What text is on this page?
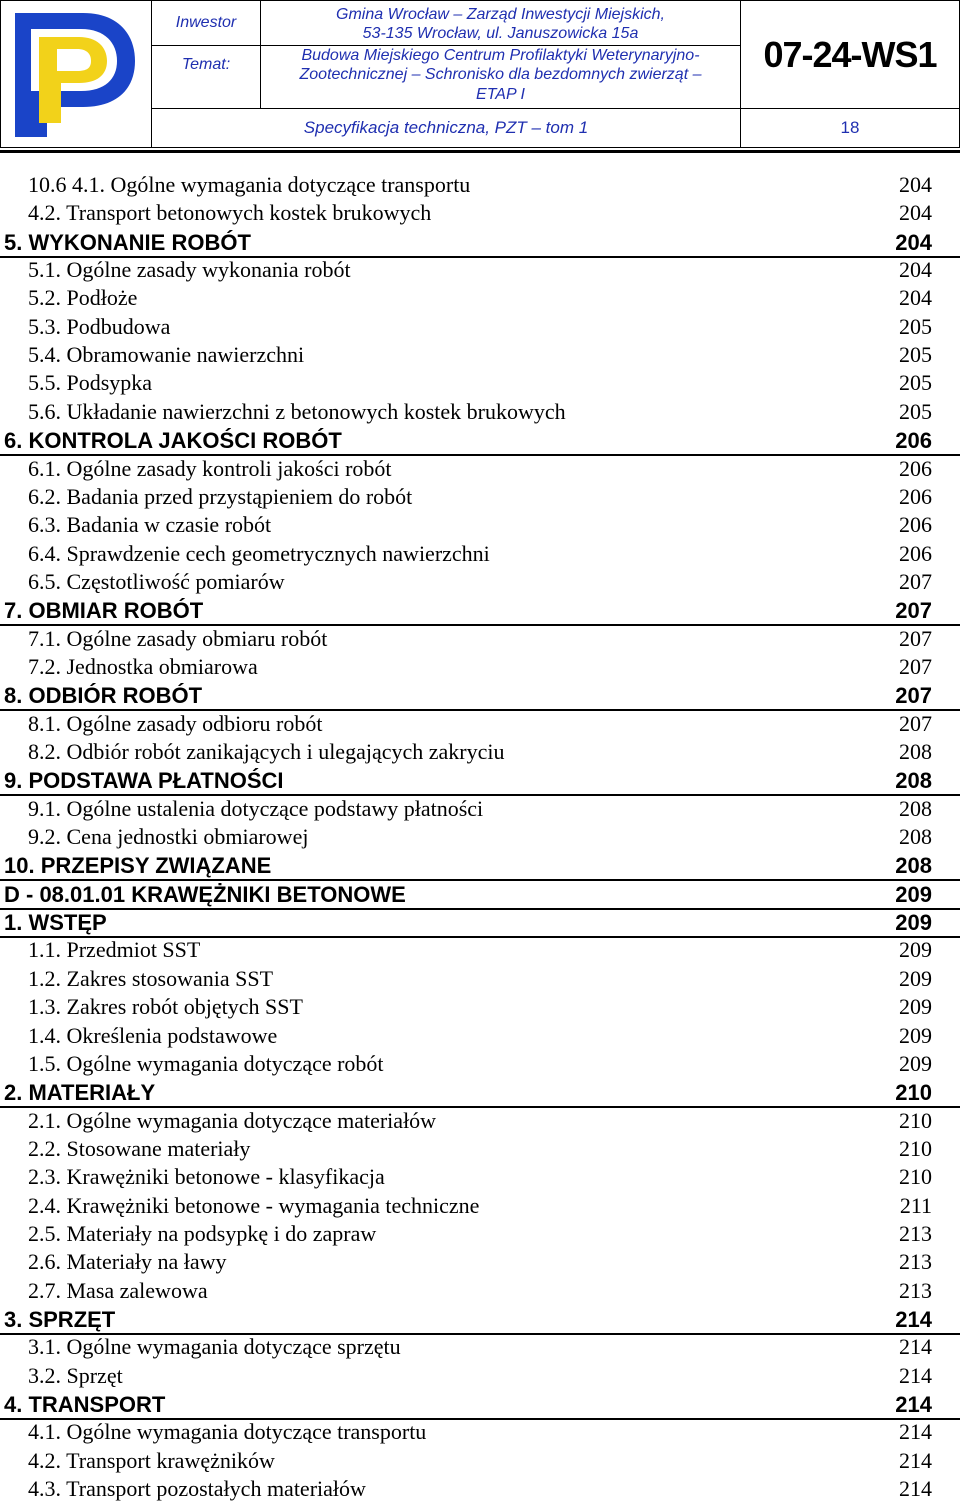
Inwestor	Gmina Wrocław – Zarząd Inwestycji Miejskich,
53-135 Wrocław, ul. Januszowicka 15a
Temat:
Budowa Miejskiego Centrum Profilaktyki Weterynaryjno-
Zootechnicznej – Schronisko dla bezdomnych zwierząt –
ETAP I
07-24-WS1
Specyfikacja techniczna, PZT – tom 1	18
10.6 4.1. Ogólne wymagania dotyczące transportu	204
4.2. Transport betonowych kostek brukowych	204
5. WYKONANIE ROBÓT	204
5.1. Ogólne zasady wykonania robót	204
5.2. Podłoże	204
5.3. Podbudowa	205
5.4. Obramowanie nawierzchni	205
5.5. Podsypka	205
5.6. Układanie nawierzchni z betonowych kostek brukowych	205
6. KONTROLA JAKOŚCI ROBÓT	206
6.1. Ogólne zasady kontroli jakości robót	206
6.2. Badania przed przystąpieniem do robót	206
6.3. Badania w czasie robót	206
6.4. Sprawdzenie cech geometrycznych nawierzchni	206
6.5. Częstotliwość pomiarów	207
7. OBMIAR ROBÓT	207
7.1. Ogólne zasady obmiaru robót	207
7.2. Jednostka obmiarowa	207
8. ODBIÓR ROBÓT	207
8.1. Ogólne zasady odbioru robót	207
8.2. Odbiór robót zanikających i ulegających zakryciu	208
9. PODSTAWA PŁATNOŚCI	208
9.1. Ogólne ustalenia dotyczące podstawy płatności	208
9.2. Cena jednostki obmiarowej	208
10. PRZEPISY ZWIĄZANE	208
D - 08.01.01 KRAWĘŻNIKI BETONOWE	209
1. WSTĘP	209
1.1. Przedmiot SST	209
1.2. Zakres stosowania SST	209
1.3. Zakres robót objętych SST	209
1.4. Określenia podstawowe	209
1.5. Ogólne wymagania dotyczące robót	209
2. MATERIAŁY	210
2.1. Ogólne wymagania dotyczące materiałów	210
2.2. Stosowane materiały	210
2.3. Krawężniki betonowe - klasyfikacja	210
2.4. Krawężniki betonowe - wymagania techniczne	211
2.5. Materiały na podsypkę i do zapraw	213
2.6. Materiały na ławy	213
2.7. Masa zalewowa	213
3. SPRZĘT	214
3.1. Ogólne wymagania dotyczące sprzętu	214
3.2. Sprzęt	214
4. TRANSPORT	214
4.1. Ogólne wymagania dotyczące transportu	214
4.2. Transport krawężników	214
4.3. Transport pozostałych materiałów	214
